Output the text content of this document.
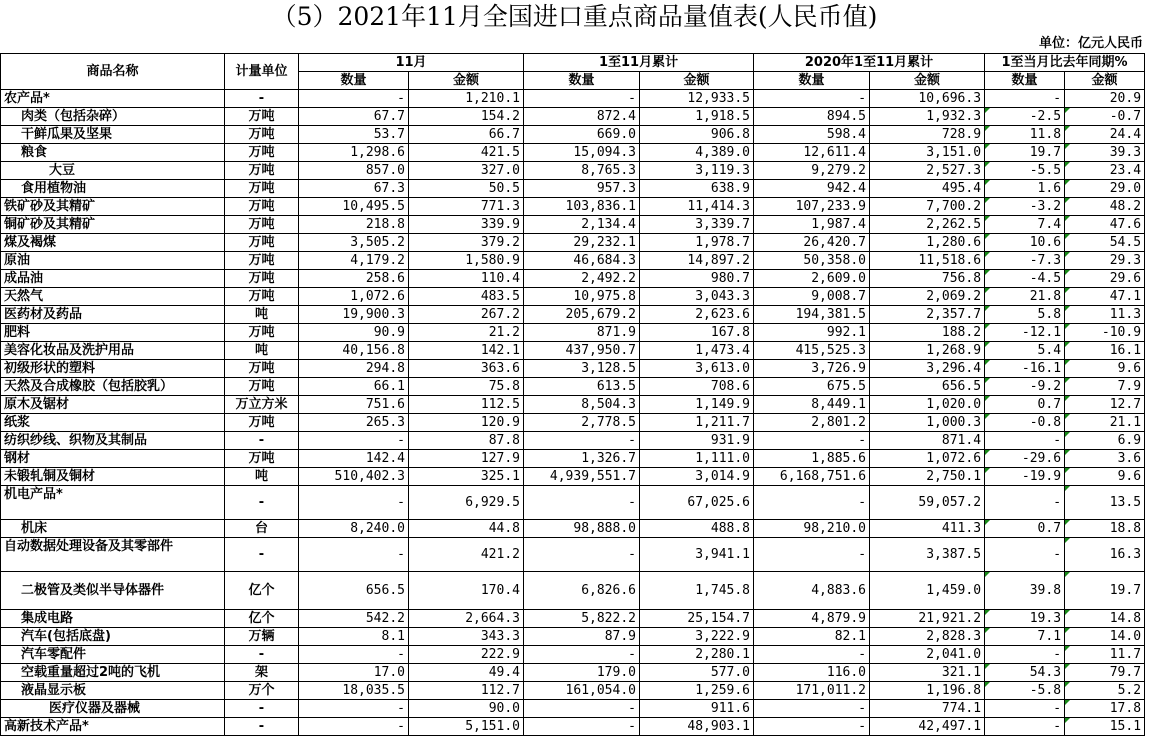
（5）2021年11月全国进口重点商品量值表(人民币值)
单位：亿元人民币
商品名称	计量单位	11月		1至11月累计		2020年1至11月累计		1至当月比去年同期%	
		数量	金额	数量	金额	数量	金额	数量	金额
农产品*	-	-	1,210.1	-	12,933.5	-	10,696.3	-	20.9
肉类（包括杂碎）	万吨	67.7	154.2	872.4	1,918.5	894.5	1,932.3	-2.5	-0.7
干鲜瓜果及坚果	万吨	53.7	66.7	669.0	906.8	598.4	728.9	11.8	24.4
粮食	万吨	1,298.6	421.5	15,094.3	4,389.0	12,611.4	3,151.0	19.7	39.3
大豆	万吨	857.0	327.0	8,765.3	3,119.3	9,279.2	2,527.3	-5.5	23.4
食用植物油	万吨	67.3	50.5	957.3	638.9	942.4	495.4	1.6	29.0
铁矿砂及其精矿	万吨	10,495.5	771.3	103,836.1	11,414.3	107,233.9	7,700.2	-3.2	48.2
铜矿砂及其精矿	万吨	218.8	339.9	2,134.4	3,339.7	1,987.4	2,262.5	7.4	47.6
煤及褐煤	万吨	3,505.2	379.2	29,232.1	1,978.7	26,420.7	1,280.6	10.6	54.5
原油	万吨	4,179.2	1,580.9	46,684.3	14,897.2	50,358.0	11,518.6	-7.3	29.3
成品油	万吨	258.6	110.4	2,492.2	980.7	2,609.0	756.8	-4.5	29.6
天然气	万吨	1,072.6	483.5	10,975.8	3,043.3	9,008.7	2,069.2	21.8	47.1
医药材及药品	吨	19,900.3	267.2	205,679.2	2,623.6	194,381.5	2,357.7	5.8	11.3
肥料	万吨	90.9	21.2	871.9	167.8	992.1	188.2	-12.1	-10.9
美容化妆品及洗护用品	吨	40,156.8	142.1	437,950.7	1,473.4	415,525.3	1,268.9	5.4	16.1
初级形状的塑料	万吨	294.8	363.6	3,128.5	3,613.0	3,726.9	3,296.4	-16.1	9.6
天然及合成橡胶（包括胶乳）	万吨	66.1	75.8	613.5	708.6	675.5	656.5	-9.2	7.9
原木及锯材	万立方米	751.6	112.5	8,504.3	1,149.9	8,449.1	1,020.0	0.7	12.7
纸浆	万吨	265.3	120.9	2,778.5	1,211.7	2,801.2	1,000.3	-0.8	21.1
纺织纱线、织物及其制品	-	-	87.8	-	931.9	-	871.4	-	6.9
钢材	万吨	142.4	127.9	1,326.7	1,111.0	1,885.6	1,072.6	-29.6	3.6
未锻轧铜及铜材	吨	510,402.3	325.1	4,939,551.7	3,014.9	6,168,751.6	2,750.1	-19.9	9.6
机电产品*	-	-	6,929.5	-	67,025.6	-	59,057.2	-	13.5
机床	台	8,240.0	44.8	98,888.0	488.8	98,210.0	411.3	0.7	18.8
自动数据处理设备及其零部件	-	-	421.2	-	3,941.1	-	3,387.5	-	16.3
二极管及类似半导体器件	亿个	656.5	170.4	6,826.6	1,745.8	4,883.6	1,459.0	39.8	19.7
集成电路	亿个	542.2	2,664.3	5,822.2	25,154.7	4,879.9	21,921.2	19.3	14.8
汽车(包括底盘)	万辆	8.1	343.3	87.9	3,222.9	82.1	2,828.3	7.1	14.0
汽车零配件	-	-	222.9	-	2,280.1	-	2,041.0	-	11.7
空载重量超过2吨的飞机	架	17.0	49.4	179.0	577.0	116.0	321.1	54.3	79.7
液晶显示板	万个	18,035.5	112.7	161,054.0	1,259.6	171,011.2	1,196.8	-5.8	5.2
医疗仪器及器械	-	-	90.0	-	911.6	-	774.1	-	17.8
高新技术产品*	-	-	5,151.0	-	48,903.1	-	42,497.1	-	15.1
